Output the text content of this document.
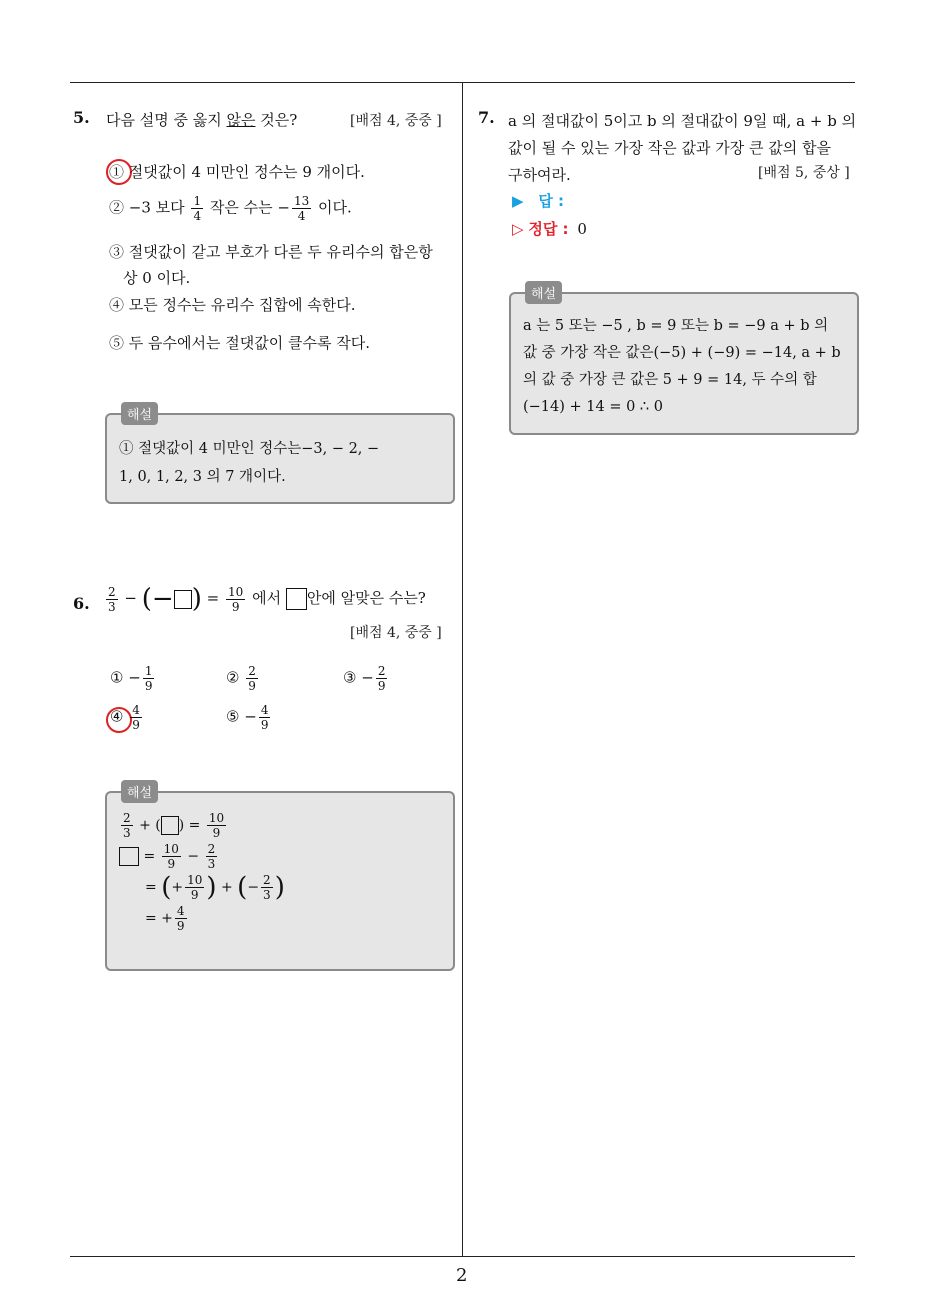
5. 다음 설명 중 옳지 않은 것은?	[배점 4, 중중 ]
① 절댓값이 4 미만인 정수는 9 개이다.
② −3 보다 $\frac{1}{4}$ 작은 수는 − $\frac{13}{4}$ 이다.
③ 절댓값이 같고 부호가 다른 두 유리수의 합은항
상 0 이다.
④ 모든 정수는 유리수 집합에 속한다.
⑤ 두 음수에서는 절댓값이 클수록 작다.
① 절댓값이 4 미만인 정수는−3, − 2, −
1, 0, 1, 2, 3 의 7 개이다.
해설
6. $\frac{2}{3}$ − (− ) = $\frac{10}{9}$ 에서 안에 알맞은 수는?
[배점 4, 중중 ]
① − $\frac{1}{9}$	② $\frac{2}{9}$	③ − $\frac{2}{9}$
④ $\frac{4}{9}$	⑤ − $\frac{4}{9}$
$\frac{2}{3}$ + ( ) = $\frac{10}{9}$
= $\frac{10}{9} - \frac{2}{3}$
= (+ $\frac{10}{9}$ ) + (− $\frac{2}{3}$ )
= + $\frac{4}{9}$
해설
7. a 의 절대값이 5이고 b 의 절대값이 9일 때, a + b 의
값이 될 수 있는 가장 작은 값과 가장 큰 값의 합을
구하여라.	[배점 5, 중상 ]
▶ 답 :
▷ 정답 : 0
a 는 5 또는 −5 , b = 9 또는 b = −9 a + b 의
값 중 가장 작은 값은(−5) + (−9) = −14, a + b
의 값 중 가장 큰 값은 5 + 9 = 14, 두 수의 합
(−14) + 14 = 0 ∴ 0
해설
2
